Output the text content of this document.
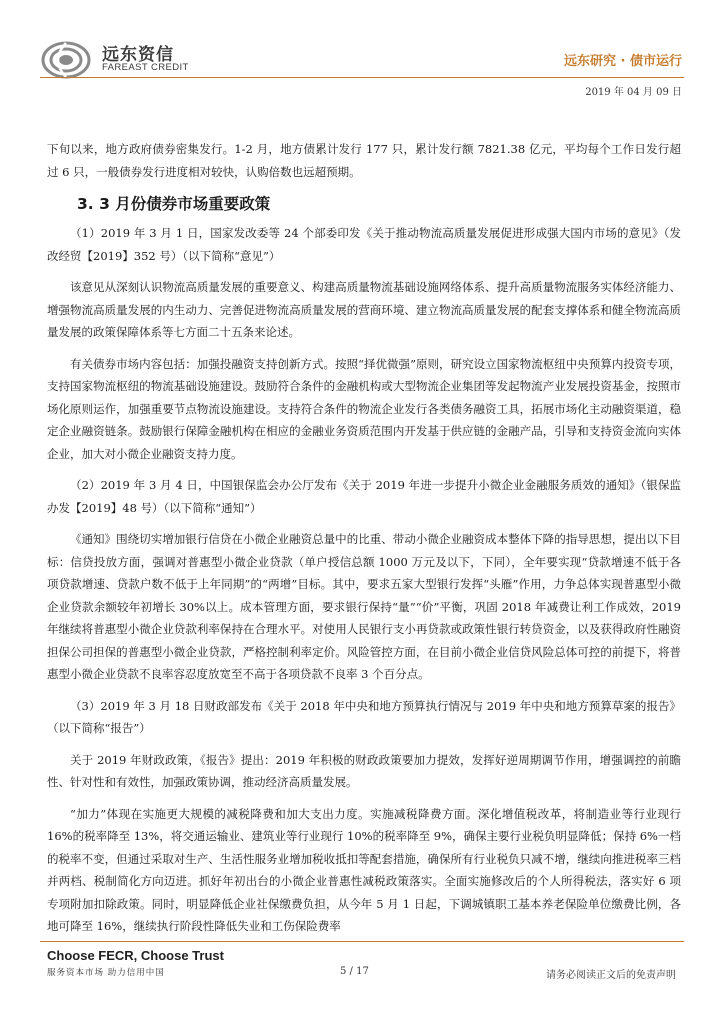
远东资信
FAREAST CREDIT	远东研究 · 债市运行
2019 年 04 月 09 日

下旬以来，地方政府债券密集发行。1-2 月，地方债累计发行 177 只，累计发行额 7821.38 亿元，平均每个工作日发行超过 6 只，一般债券发行进度相对较快，认购倍数也远超预期。

3. 3 月份债券市场重要政策

（1）2019 年 3 月 1 日，国家发改委等 24 个部委印发《关于推动物流高质量发展促进形成强大国内市场的意见》（发改经贸【2019】352 号）（以下简称“意见”）

该意见从深刻认识物流高质量发展的重要意义、构建高质量物流基础设施网络体系、提升高质量物流服务实体经济能力、增强物流高质量发展的内生动力、完善促进物流高质量发展的营商环境、建立物流高质量发展的配套支撑体系和健全物流高质量发展的政策保障体系等七方面二十五条来论述。

有关债券市场内容包括：加强投融资支持创新方式。按照“择优微强”原则，研究设立国家物流枢纽中央预算内投资专项，支持国家物流枢纽的物流基础设施建设。鼓励符合条件的金融机构或大型物流企业集团等发起物流产业发展投资基金，按照市场化原则运作，加强重要节点物流设施建设。支持符合条件的物流企业发行各类债务融资工具，拓展市场化主动融资渠道，稳定企业融资链条。鼓励银行保障金融机构在相应的金融业务资质范围内开发基于供应链的金融产品，引导和支持资金流向实体企业，加大对小微企业融资支持力度。

（2）2019 年 3 月 4 日，中国银保监会办公厅发布《关于 2019 年进一步提升小微企业金融服务质效的通知》（银保监办发【2019】48 号）（以下简称“通知”）

《通知》围绕切实增加银行信贷在小微企业融资总量中的比重、带动小微企业融资成本整体下降的指导思想，提出以下目标：信贷投放方面，强调对普惠型小微企业贷款（单户授信总额 1000 万元及以下，下同），全年要实现“贷款增速不低于各项贷款增速、贷款户数不低于上年同期”的“两增”目标。其中，要求五家大型银行发挥“头雁”作用，力争总体实现普惠型小微企业贷款余额较年初增长 30%以上。成本管理方面，要求银行保持“量”“价”平衡，巩固 2018 年减费让利工作成效，2019 年继续将普惠型小微企业贷款利率保持在合理水平。对使用人民银行支小再贷款或政策性银行转贷资金，以及获得政府性融资担保公司担保的普惠型小微企业贷款，严格控制利率定价。风险管控方面，在目前小微企业信贷风险总体可控的前提下，将普惠型小微企业贷款不良率容忍度放宽至不高于各项贷款不良率 3 个百分点。

（3）2019 年 3 月 18 日财政部发布《关于 2018 年中央和地方预算执行情况与 2019 年中央和地方预算草案的报告》（以下简称“报告”）

关于 2019 年财政政策，《报告》提出：2019 年积极的财政政策要加力提效，发挥好逆周期调节作用，增强调控的前瞻性、针对性和有效性，加强政策协调，推动经济高质量发展。

“加力”体现在实施更大规模的减税降费和加大支出力度。实施减税降费方面。深化增值税改革，将制造业等行业现行 16%的税率降至 13%，将交通运输业、建筑业等行业现行 10%的税率降至 9%，确保主要行业税负明显降低；保持 6%一档的税率不变，但通过采取对生产、生活性服务业增加税收抵扣等配套措施，确保所有行业税负只减不增，继续向推进税率三档并两档、税制简化方向迈进。抓好年初出台的小微企业普惠性减税政策落实。全面实施修改后的个人所得税法，落实好 6 项专项附加扣除政策。同时，明显降低企业社保缴费负担，从今年 5 月 1 日起，下调城镇职工基本养老保险单位缴费比例，各地可降至 16%，继续执行阶段性降低失业和工伤保险费率

Choose FECR, Choose Trust
服务资本市场 助力信用中国	5 / 17	请务必阅读正文后的免责声明
